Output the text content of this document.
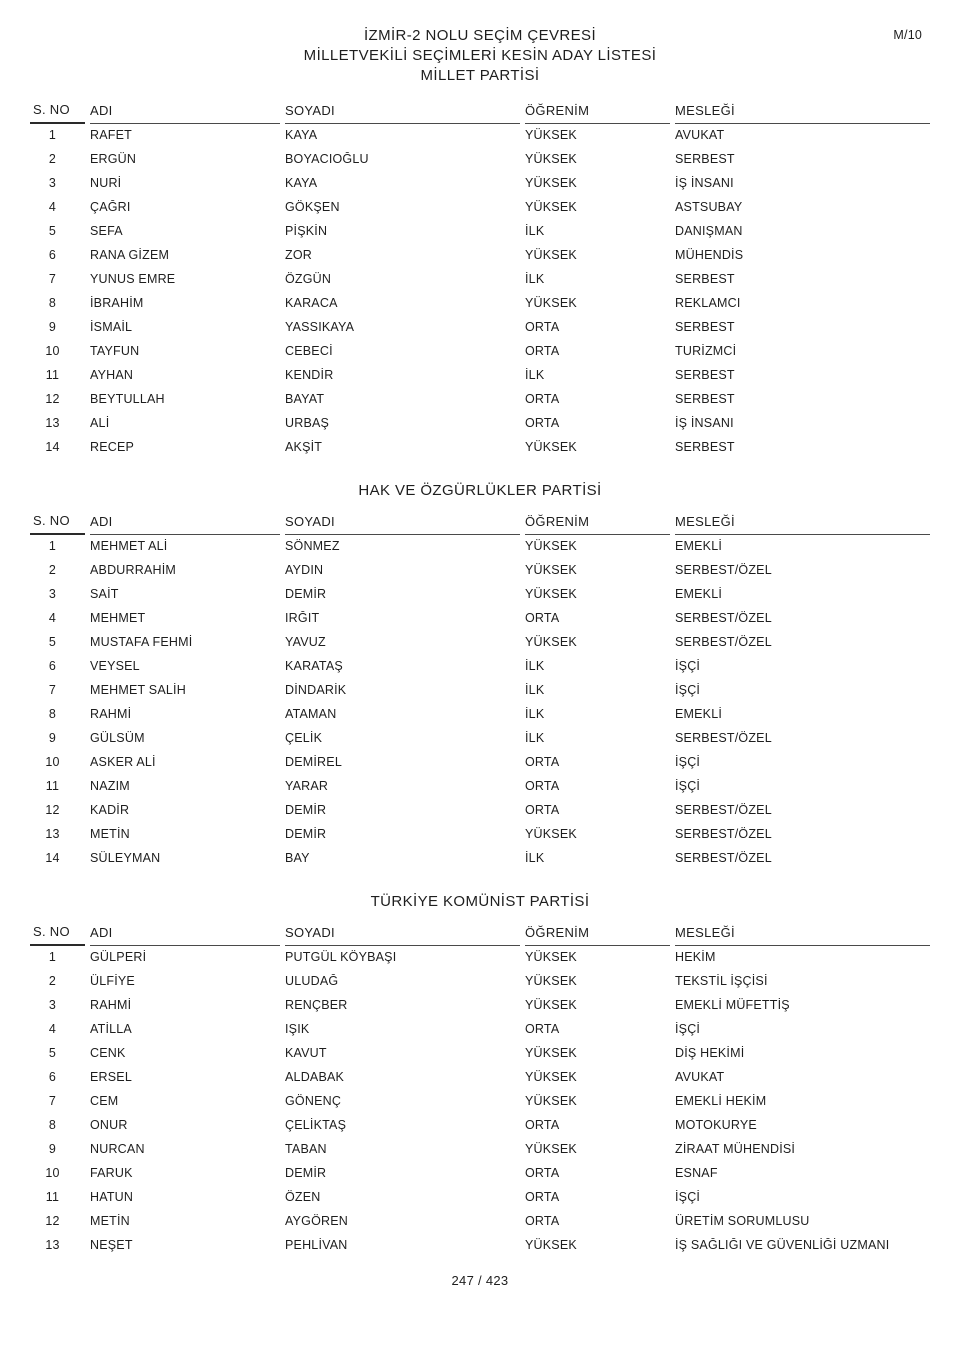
M/10
İZMİR-2 NOLU SEÇİM ÇEVRESİ
MİLLETVEKİLİ SEÇİMLERİ KESİN ADAY LİSTESİ
MİLLET PARTİSİ
S. NO	ADI	SOYADI	ÖĞRENİM	MESLEĞİ
1	RAFET	KAYA	YÜKSEK	AVUKAT
2	ERGÜN	BOYACIOĞLU	YÜKSEK	SERBEST
3	NURİ	KAYA	YÜKSEK	İŞ İNSANI
4	ÇAĞRI	GÖKŞEN	YÜKSEK	ASTSUBAY
5	SEFA	PİŞKİN	İLK	DANIŞMAN
6	RANA GİZEM	ZOR	YÜKSEK	MÜHENDİS
7	YUNUS EMRE	ÖZGÜN	İLK	SERBEST
8	İBRAHİM	KARACA	YÜKSEK	REKLAMCI
9	İSMAİL	YASSIKAYA	ORTA	SERBEST
10	TAYFUN	CEBECİ	ORTA	TURİZMCİ
11	AYHAN	KENDİR	İLK	SERBEST
12	BEYTULLAH	BAYAT	ORTA	SERBEST
13	ALİ	URBAŞ	ORTA	İŞ İNSANI
14	RECEP	AKŞİT	YÜKSEK	SERBEST
HAK VE ÖZGÜRLÜKLER PARTİSİ
S. NO	ADI	SOYADI	ÖĞRENİM	MESLEĞİ
1	MEHMET ALİ	SÖNMEZ	YÜKSEK	EMEKLİ
2	ABDURRAHİM	AYDIN	YÜKSEK	SERBEST/ÖZEL
3	SAİT	DEMİR	YÜKSEK	EMEKLİ
4	MEHMET	IRĞIT	ORTA	SERBEST/ÖZEL
5	MUSTAFA FEHMİ	YAVUZ	YÜKSEK	SERBEST/ÖZEL
6	VEYSEL	KARATAŞ	İLK	İŞÇİ
7	MEHMET SALİH	DİNDARİK	İLK	İŞÇİ
8	RAHMİ	ATAMAN	İLK	EMEKLİ
9	GÜLSÜM	ÇELİK	İLK	SERBEST/ÖZEL
10	ASKER ALİ	DEMİREL	ORTA	İŞÇİ
11	NAZIM	YARAR	ORTA	İŞÇİ
12	KADİR	DEMİR	ORTA	SERBEST/ÖZEL
13	METİN	DEMİR	YÜKSEK	SERBEST/ÖZEL
14	SÜLEYMAN	BAY	İLK	SERBEST/ÖZEL
TÜRKİYE KOMÜNİST PARTİSİ
S. NO	ADI	SOYADI	ÖĞRENİM	MESLEĞİ
1	GÜLPERİ	PUTGÜL KÖYBAŞI	YÜKSEK	HEKİM
2	ÜLFİYE	ULUDAĞ	YÜKSEK	TEKSTİL İŞÇİSİ
3	RAHMİ	RENÇBER	YÜKSEK	EMEKLİ MÜFETTİŞ
4	ATİLLA	IŞIK	ORTA	İŞÇİ
5	CENK	KAVUT	YÜKSEK	DİŞ HEKİMİ
6	ERSEL	ALDABAK	YÜKSEK	AVUKAT
7	CEM	GÖNENÇ	YÜKSEK	EMEKLİ HEKİM
8	ONUR	ÇELİKTAŞ	ORTA	MOTOKURYE
9	NURCAN	TABAN	YÜKSEK	ZİRAAT MÜHENDİSİ
10	FARUK	DEMİR	ORTA	ESNAF
11	HATUN	ÖZEN	ORTA	İŞÇİ
12	METİN	AYGÖREN	ORTA	ÜRETİM SORUMLUSU
13	NEŞET	PEHLİVAN	YÜKSEK	İŞ SAĞLIĞI VE GÜVENLİĞİ UZMANI
247 / 423
